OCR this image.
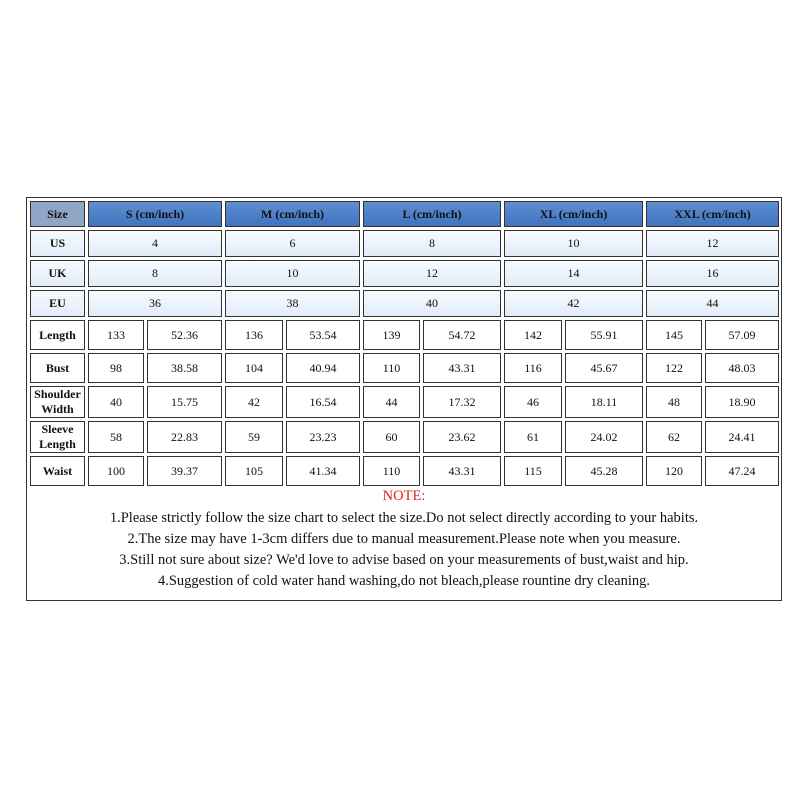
Size	S (cm/inch)		M (cm/inch)		L (cm/inch)		XL (cm/inch)		XXL (cm/inch)	
US	4		6		8		10		12	
UK	8		10		12		14		16	
EU	36		38		40		42		44	

Length	133	52.36	136	53.54	139	54.72	142	55.91	145	57.09

Bust	98	38.58	104	40.94	110	43.31	116	45.67	122	48.03

Shoulder
Width	40	15.75	42	16.54	44	17.32	46	18.11	48	18.90

Sleeve
Length	58	22.83	59	23.23	60	23.62	61	24.02	62	24.41

Waist	100	39.37	105	41.34	110	43.31	115	45.28	120	47.24
NOTE:
1.Please strictly follow the size chart to select the size.Do not select directly according to your habits.
2.The size may have 1-3cm differs due to manual measurement.Please note when you measure.
3.Still not sure about size? We'd love to advise based on your measurements of bust,waist and hip.
4.Suggestion of cold water hand washing,do not bleach,please rountine dry cleaning.
